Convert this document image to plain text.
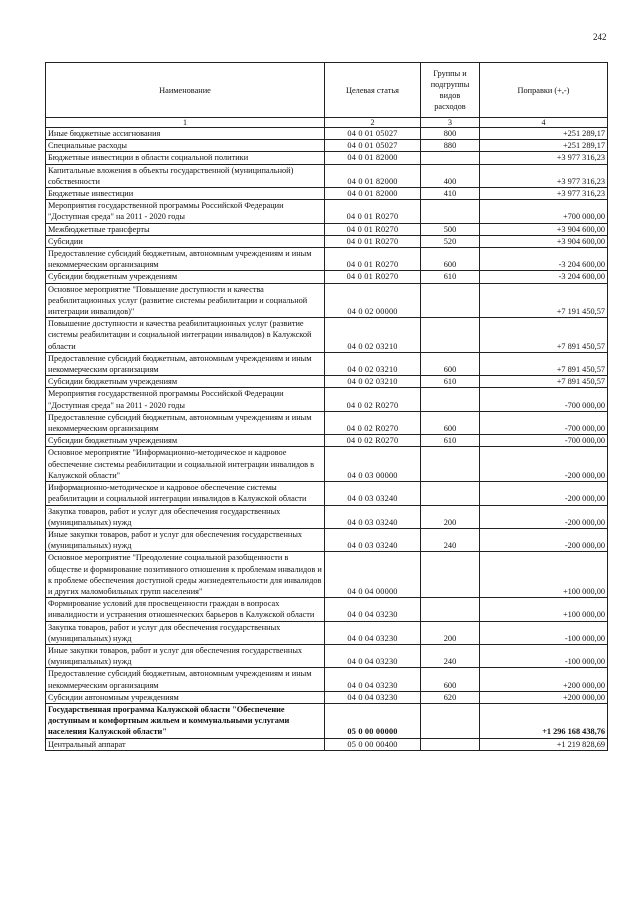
242
Наименование	Целевая статья	Группы и подгруппы видов расходов	Поправки (+,-)
1	2	3	4
Иные бюджетные ассигнования	04 0 01 05027	800	+251 289,17
Специальные расходы	04 0 01 05027	880	+251 289,17
Бюджетные инвестиции в области социальной политики	04 0 01 82000		+3 977 316,23
Капитальные вложения в объекты государственной (муниципальной) собственности	04 0 01 82000	400	+3 977 316,23
Бюджетные инвестиции	04 0 01 82000	410	+3 977 316,23
Мероприятия государственной программы Российской Федерации "Доступная среда" на 2011 - 2020 годы	04 0 01 R0270		+700 000,00
Межбюджетные трансферты	04 0 01 R0270	500	+3 904 600,00
Субсидии	04 0 01 R0270	520	+3 904 600,00
Предоставление субсидий бюджетным, автономным учреждениям и иным некоммерческим организациям	04 0 01 R0270	600	-3 204 600,00
Субсидии бюджетным учреждениям	04 0 01 R0270	610	-3 204 600,00
Основное мероприятие "Повышение доступности и качества реабилитационных услуг (развитие системы реабилитации и социальной интеграции инвалидов)"	04 0 02 00000		+7 191 450,57
Повышение доступности и качества реабилитационных услуг (развитие системы реабилитации и социальной интеграции инвалидов) в Калужской области	04 0 02 03210		+7 891 450,57
Предоставление субсидий бюджетным, автономным учреждениям и иным некоммерческим организациям	04 0 02 03210	600	+7 891 450,57
Субсидии бюджетным учреждениям	04 0 02 03210	610	+7 891 450,57
Мероприятия государственной программы Российской Федерации "Доступная среда" на 2011 - 2020 годы	04 0 02 R0270		-700 000,00
Предоставление субсидий бюджетным, автономным учреждениям и иным некоммерческим организациям	04 0 02 R0270	600	-700 000,00
Субсидии бюджетным учреждениям	04 0 02 R0270	610	-700 000,00
Основное мероприятие "Информационно-методическое и кадровое обеспечение системы реабилитации и социальной интеграции инвалидов в Калужской области"	04 0 03 00000		-200 000,00
Информационно-методическое и кадровое обеспечение системы реабилитации и социальной интеграции инвалидов в Калужской области	04 0 03 03240		-200 000,00
Закупка товаров, работ и услуг для обеспечения государственных (муниципальных) нужд	04 0 03 03240	200	-200 000,00
Иные закупки товаров, работ и услуг для обеспечения государственных (муниципальных) нужд	04 0 03 03240	240	-200 000,00
Основное мероприятие "Преодоление социальной разобщенности в обществе и формирование позитивного отношения к проблемам инвалидов и к проблеме обеспечения доступной среды жизнедеятельности для инвалидов и других маломобильных групп населения"	04 0 04 00000		+100 000,00
Формирование условий для просвещенности граждан в вопросах инвалидности и устранения отношенческих барьеров в Калужской области	04 0 04 03230		+100 000,00
Закупка товаров, работ и услуг для обеспечения государственных (муниципальных) нужд	04 0 04 03230	200	-100 000,00
Иные закупки товаров, работ и услуг для обеспечения государственных (муниципальных) нужд	04 0 04 03230	240	-100 000,00
Предоставление субсидий бюджетным, автономным учреждениям и иным некоммерческим организациям	04 0 04 03230	600	+200 000,00
Субсидии автономным учреждениям	04 0 04 03230	620	+200 000,00
Государственная программа Калужской области "Обеспечение доступным и комфортным жильем и коммунальными услугами населения Калужской области"	05 0 00 00000		+1 296 168 438,76
Центральный аппарат	05 0 00 00400		+1 219 828,69
